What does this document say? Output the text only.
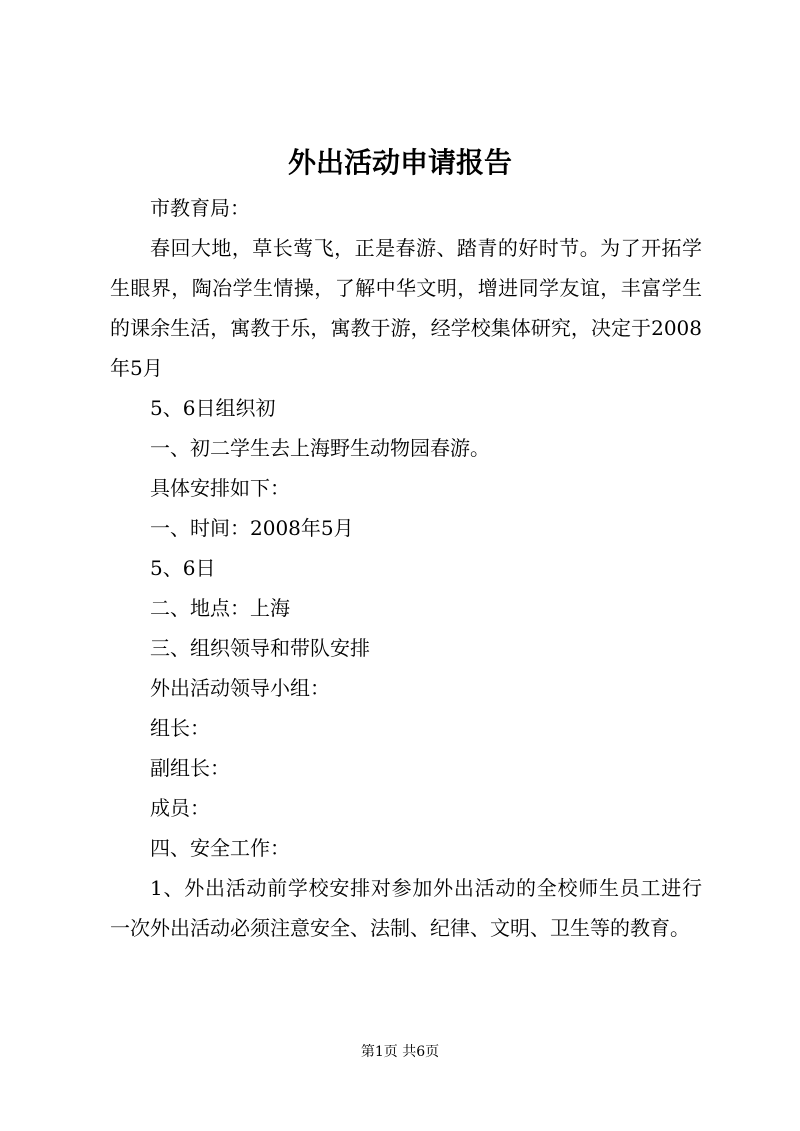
外出活动申请报告

市教育局：

春回大地，草长莺飞，正是春游、踏青的好时节。为了开拓学生眼界，陶冶学生情操，了解中华文明，增进同学友谊，丰富学生的课余生活，寓教于乐，寓教于游，经学校集体研究，决定于2008年5月

5、6日组织初

一、初二学生去上海野生动物园春游。

具体安排如下：

一、时间：2008年5月

5、6日

二、地点：上海

三、组织领导和带队安排

外出活动领导小组：

组长：

副组长：

成员：

四、安全工作：

1、外出活动前学校安排对参加外出活动的全校师生员工进行一次外出活动必须注意安全、法制、纪律、文明、卫生等的教育。

第1页 共6页
